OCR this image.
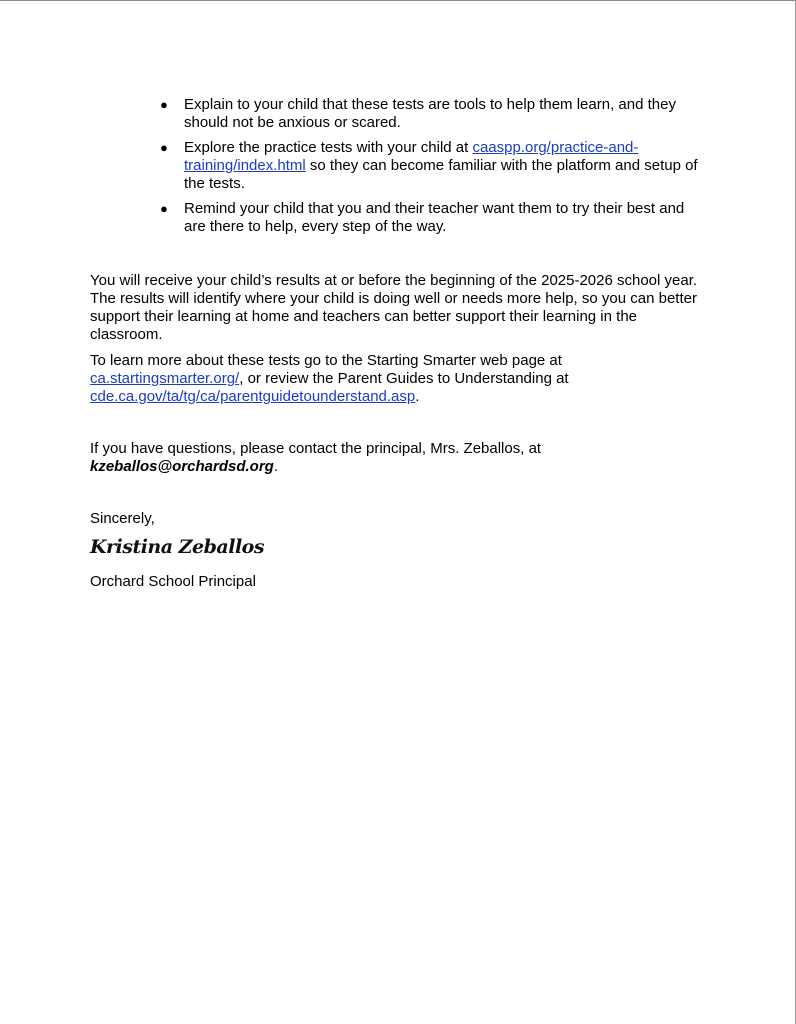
● Explain to your child that these tests are tools to help them learn, and they should not be anxious or scared.
● Explore the practice tests with your child at caaspp.org/practice-and-training/index.html so they can become familiar with the platform and setup of the tests.
● Remind your child that you and their teacher want them to try their best and are there to help, every step of the way.
You will receive your child’s results at or before the beginning of the 2025-2026 school year. The results will identify where your child is doing well or needs more help, so you can better support their learning at home and teachers can better support their learning in the classroom.
To learn more about these tests go to the Starting Smarter web page at ca.startingsmarter.org/, or review the Parent Guides to Understanding at cde.ca.gov/ta/tg/ca/parentguidetounderstand.asp.
If you have questions, please contact the principal, Mrs. Zeballos, at kzeballos@orchardsd.org.
Sincerely,
Kristina Zeballos
Orchard School Principal
